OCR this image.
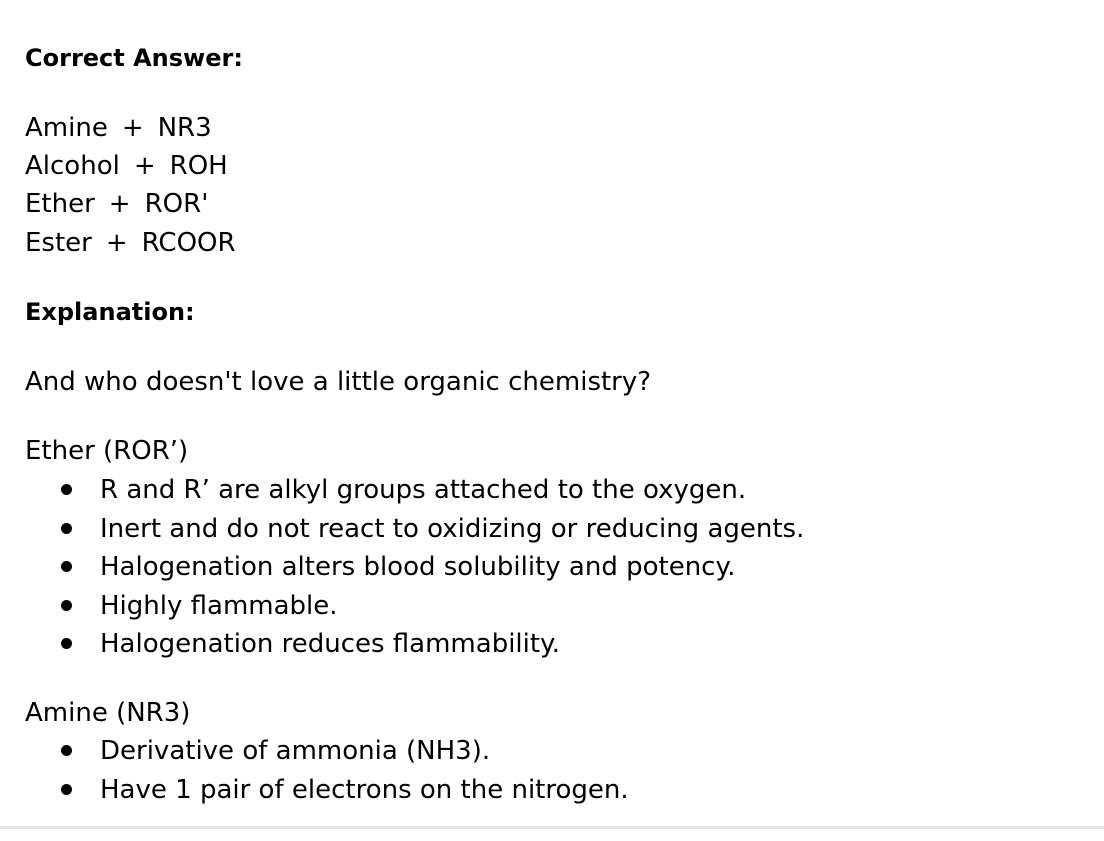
Correct Answer:
Amine + NR3
Alcohol + ROH
Ether + ROR'
Ester + RCOOR
Explanation:
And who doesn't love a little organic chemistry?
Ether (ROR’)
R and R’ are alkyl groups attached to the oxygen.
Inert and do not react to oxidizing or reducing agents.
Halogenation alters blood solubility and potency.
Highly flammable.
Halogenation reduces flammability.
Amine (NR3)
Derivative of ammonia (NH3).
Have 1 pair of electrons on the nitrogen.
